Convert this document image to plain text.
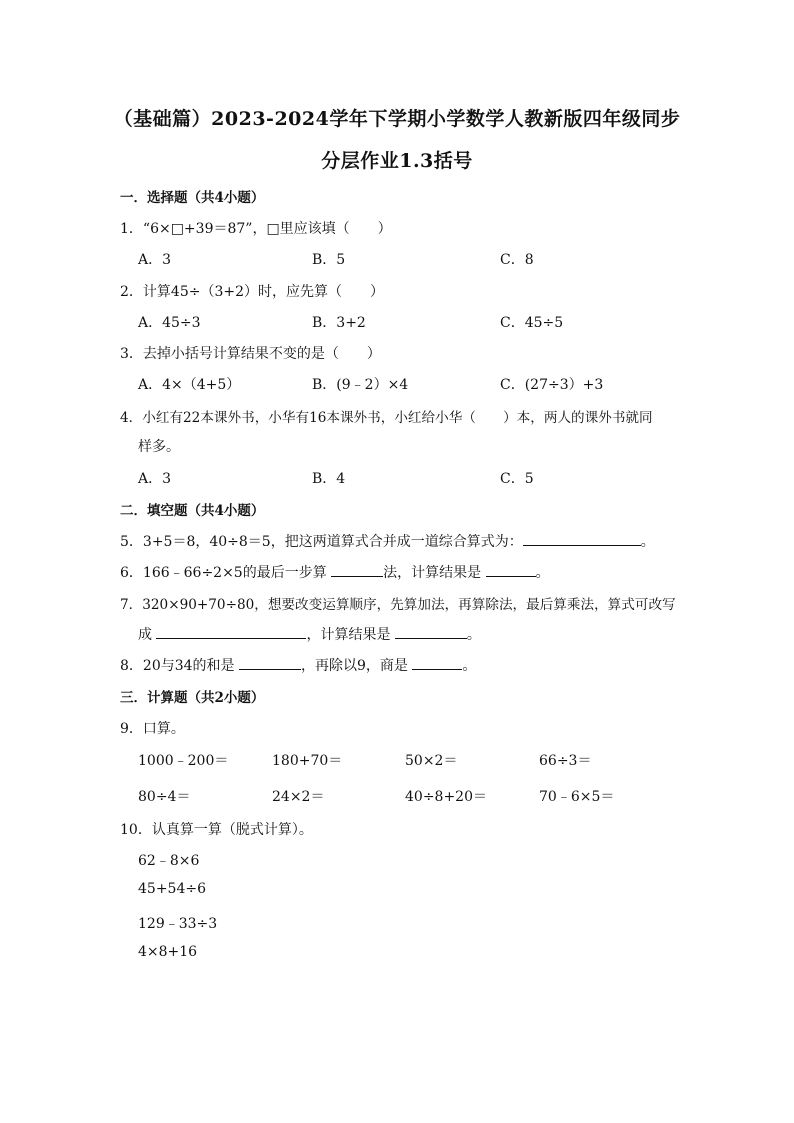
（基础篇）2023-2024学年下学期小学数学人教新版四年级同步
分层作业1.3括号
一．选择题（共4小题）
1．“6×□+39＝87”，□里应该填（　　）
A．3	B．5	C．8
2．计算45÷（3+2）时，应先算（　　）
A．45÷3	B．3+2	C．45÷5
3．去掉小括号计算结果不变的是（　　）
A．4×（4+5）	B．(9﹣2）×4	C．(27÷3）+3
4．小红有22本课外书，小华有16本课外书，小红给小华（　　）本，两人的课外书就同
样多。
A．3	B．4	C．5
二．填空题（共4小题）
5．3+5＝8，40÷8＝5，把这两道算式合并成一道综合算式为：	。
6．166﹣66÷2×5的最后一步算	法，计算结果是	。
7．320×90+70÷80，想要改变运算顺序，先算加法，再算除法，最后算乘法，算式可改写
成	，计算结果是	。
8．20与34的和是	，再除以9，商是	。
三．计算题（共2小题）
9．口算。
1000﹣200＝	180+70＝	50×2＝	66÷3＝
80÷4＝	24×2＝	40÷8+20＝	70﹣6×5＝
10．认真算一算（脱式计算）。
62﹣8×6
45+54÷6
129﹣33÷3
4×8+16
